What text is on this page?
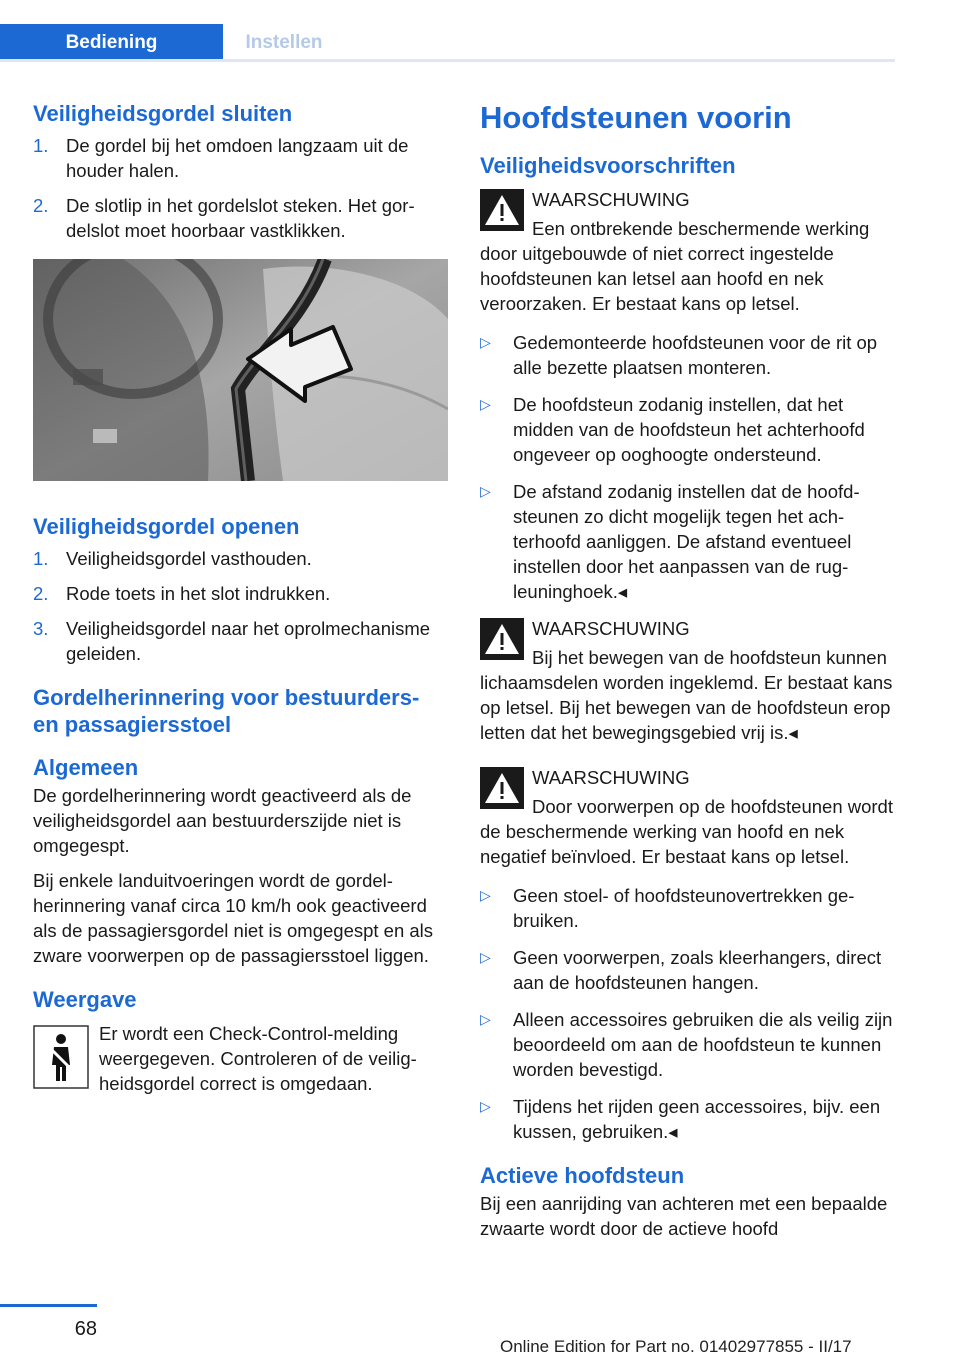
Bediening	Instellen
Veiligheidsgordel sluiten
1. De gordel bij het omdoen langzaam uit de houder halen.
2. De slotlip in het gordelslot steken. Het gordelslot moet hoorbaar vastklikken.
Veiligheidsgordel openen
1. Veiligheidsgordel vasthouden.
2. Rode toets in het slot indrukken.
3. Veiligheidsgordel naar het oprolmechanisme geleiden.
Gordelherinnering voor bestuurders- en passagiersstoel
Algemeen

De gordelherinnering wordt geactiveerd als de veiligheidsgordel aan bestuurderszijde niet is omgegespt.

Bij enkele landuitvoeringen wordt de gordelherinnering vanaf circa 10 km/h ook geactiveerd als de passagiersgordel niet is omgegespt en als zware voorwerpen op de passagiersstoel liggen.

Weergave
Er wordt een Check-Control-melding weergegeven. Controleren of de veiligheidsgordel correct is omgedaan.
Hoofdsteunen voorin
Veiligheidsvoorschriften
WAARSCHUWING
Een ontbrekende beschermende werking door uitgebouwde of niet correct ingestelde hoofdsteunen kan letsel aan hoofd en nek veroorzaken. Er bestaat kans op letsel.
▷ Gedemonteerde hoofdsteunen voor de rit op alle bezette plaatsen monteren.
▷ De hoofdsteun zodanig instellen, dat het midden van de hoofdsteun het achterhoofd ongeveer op ooghoogte ondersteund.
▷ De afstand zodanig instellen dat de hoofdsteunen zo dicht mogelijk tegen het achterhoofd aanliggen. De afstand eventueel instellen door het aanpassen van de rugleuninghoek.◂
WAARSCHUWING
Bij het bewegen van de hoofdsteun kunnen lichaamsdelen worden ingeklemd. Er bestaat kans op letsel. Bij het bewegen van de hoofdsteun erop letten dat het bewegingsgebied vrij is.◂
WAARSCHUWING
Door voorwerpen op de hoofdsteunen wordt de beschermende werking van hoofd en nek negatief beïnvloed. Er bestaat kans op letsel.
▷ Geen stoel- of hoofdsteunovertrekken gebruiken.
▷ Geen voorwerpen, zoals kleerhangers, direct aan de hoofdsteunen hangen.
▷ Alleen accessoires gebruiken die als veilig zijn beoordeeld om aan de hoofdsteun te kunnen worden bevestigd.
▷ Tijdens het rijden geen accessoires, bijv. een kussen, gebruiken.◂
Actieve hoofdsteun

Bij een aanrijding van achteren met een bepaalde zwaarte wordt door de actieve hoofd

68
Online Edition for Part no. 01402977855 - II/17
